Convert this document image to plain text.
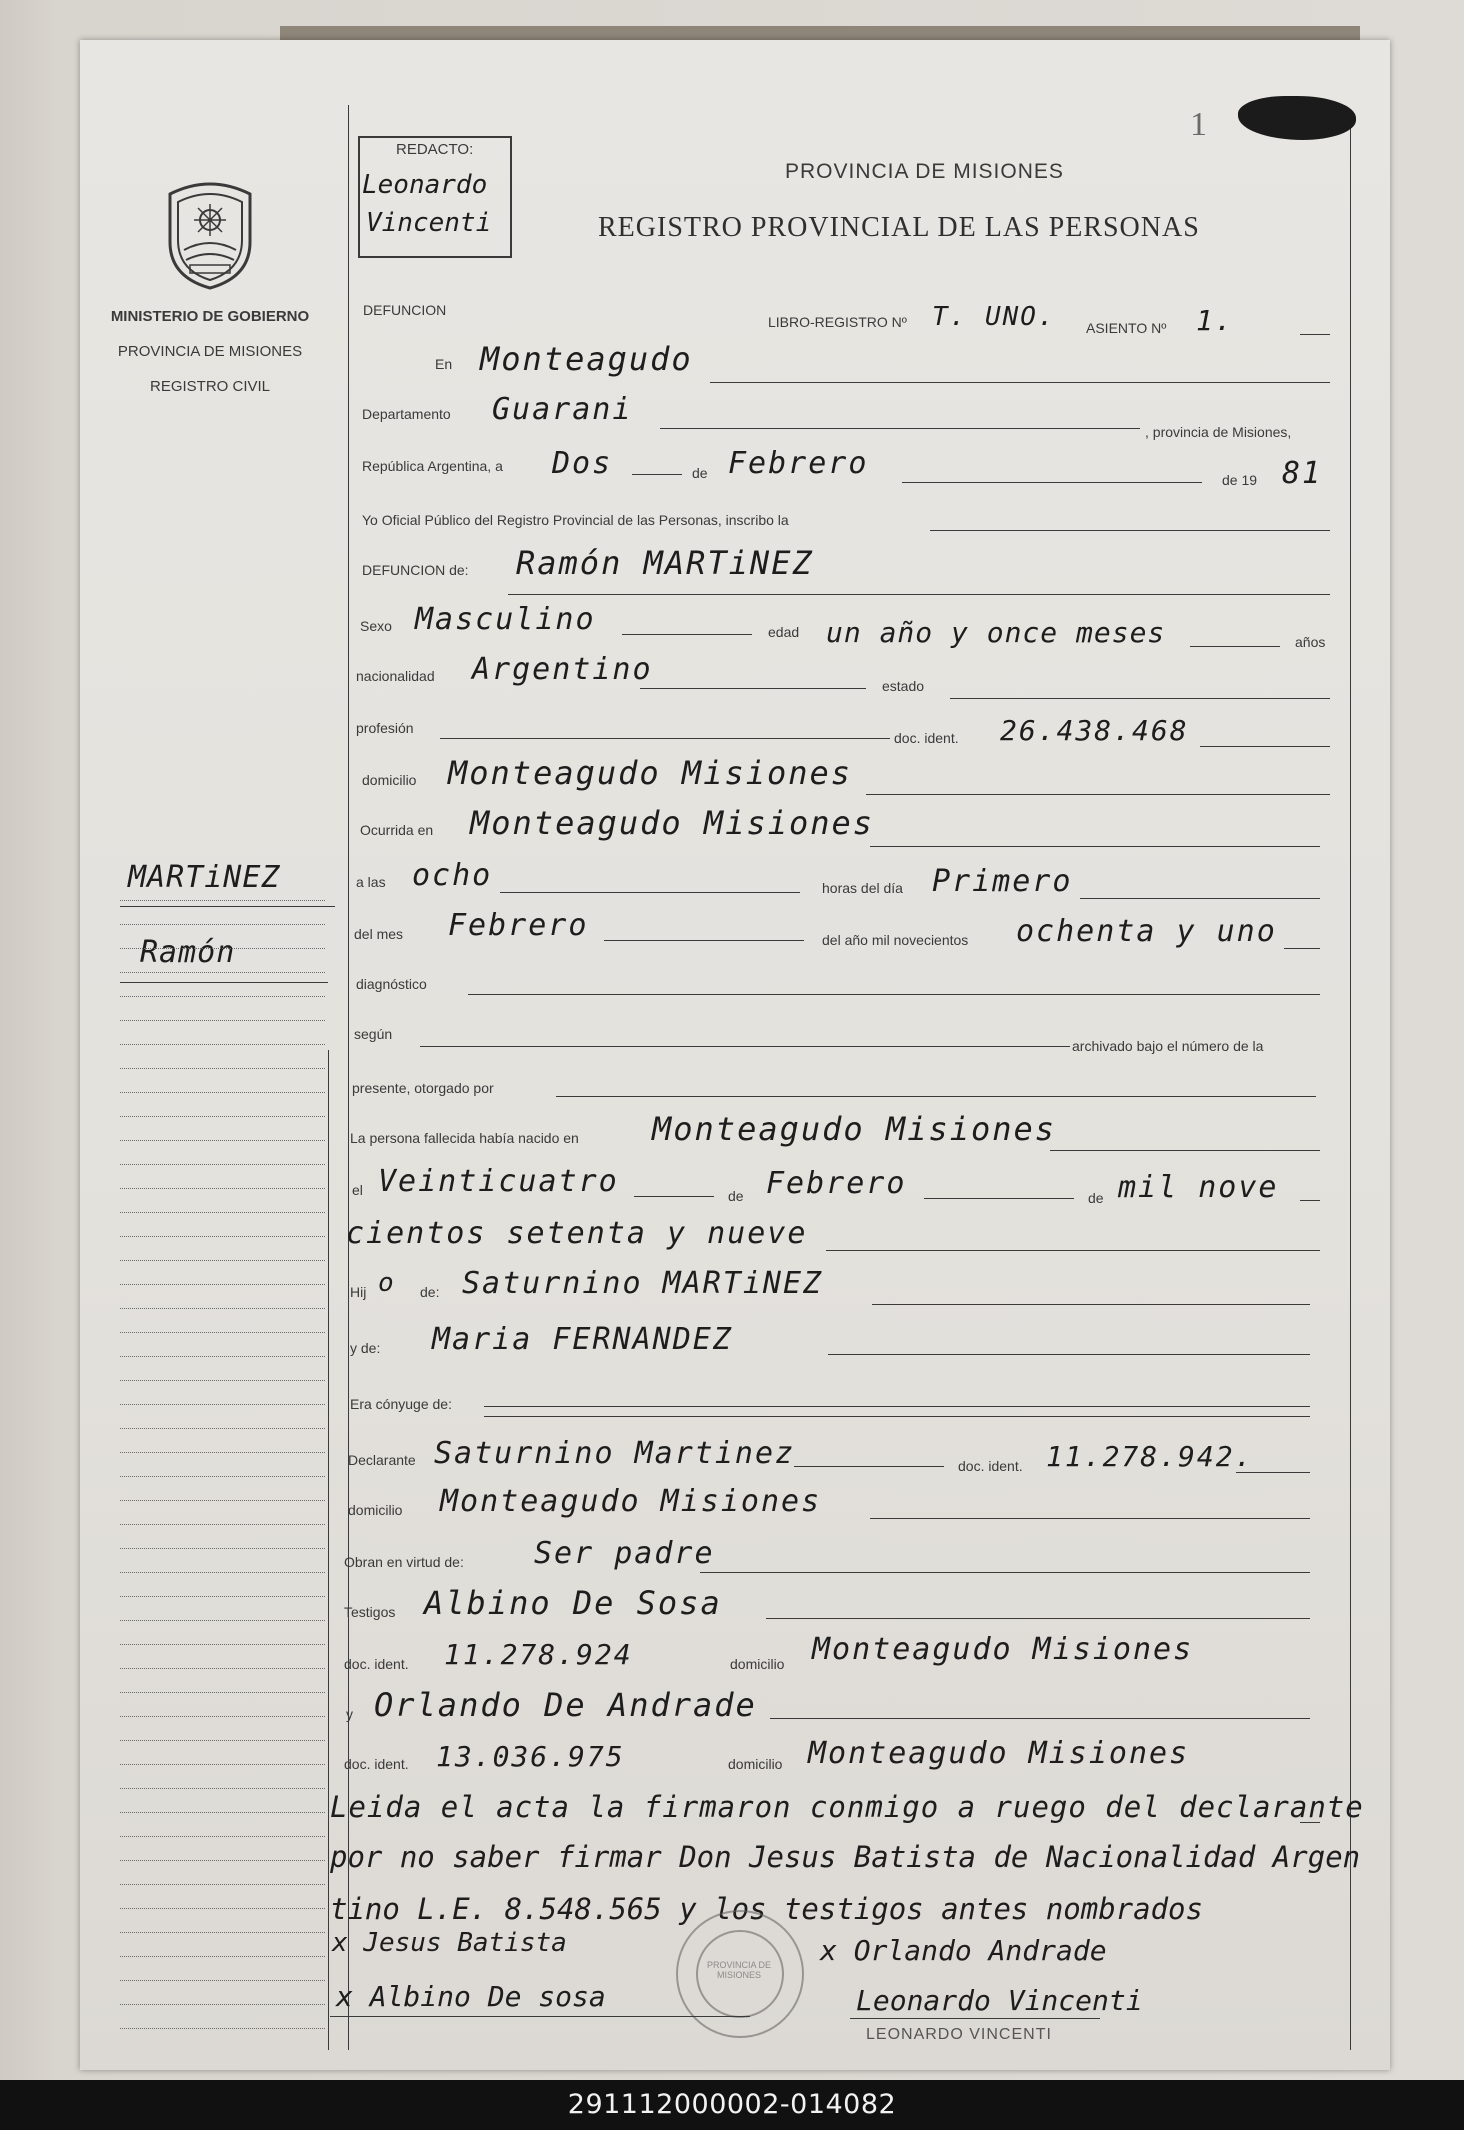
REDACTO:
Leonardo
Vincenti
1
PROVINCIA DE MISIONES
REGISTRO PROVINCIAL DE LAS PERSONAS
MINISTERIO DE GOBIERNO
PROVINCIA DE MISIONES
REGISTRO CIVIL
MARTiNEZ
Ramón
DEFUNCION
LIBRO-REGISTRO Nº T. UNO. ASIENTO Nº 1.
En Monteagudo
Departamento Guarani
, provincia de Misiones,
República Argentina, a Dos	de Febrero	de 19 81
Yo Oficial Público del Registro Provincial de las Personas, inscribo la
DEFUNCION de: Ramón MARTiNEZ
Sexo Masculino	edad un año y once meses	años
nacionalidad Argentino	estado
profesión
doc. ident. 26.438.468
domicilio Monteagudo Misiones
Ocurrida en Monteagudo Misiones
a las ocho	horas del día Primero
del mes Febrero	del año mil novecientos ochenta y uno
diagnóstico
según
archivado bajo el número de la
presente, otorgado por
La persona fallecida había nacido en Monteagudo Misiones
el Veinticuatro	de Febrero	de mil nove
cientos setenta y nueve
Hij o de: Saturnino MARTiNEZ
y de: Maria FERNANDEZ
Era cónyuge de:
Declarante Saturnino Martinez	doc. ident. 11.278.942.
domicilio Monteagudo Misiones
Obran en virtud de: Ser padre
Testigos Albino De Sosa
doc. ident. 11.278.924	domicilio Monteagudo Misiones
y Orlando De Andrade
doc. ident. 13.036.975	domicilio Monteagudo Misiones
Leida el acta la firmaron conmigo a ruego del declarante
por no saber firmar Don Jesus Batista de Nacionalidad Argen
tino L.E. 8.548.565 y los testigos antes nombrados
PROVINCIA DE MISIONES
x Jesus Batista	x Orlando Andrade
x Albino De sosa	Leonardo Vincenti
LEONARDO VINCENTI
291112000002-014082
